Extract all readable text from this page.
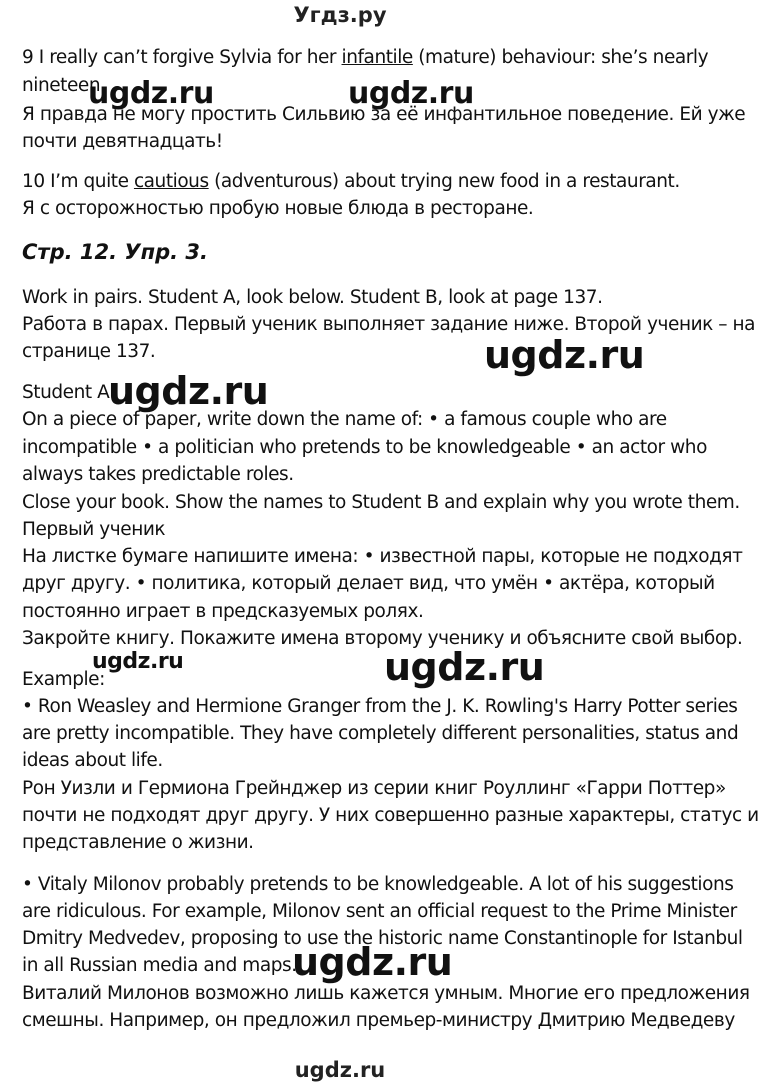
Угдз.ру
9 I really can’t forgive Sylvia for her infantile (mature) behaviour: she’s nearly
nineteen.
Я правда не могу простить Сильвию за её инфантильное поведение. Ей уже
почти девятнадцать!
10 I’m quite cautious (adventurous) about trying new food in a restaurant.
Я с осторожностью пробую новые блюда в ресторане.
Стр. 12. Упр. 3.
Work in pairs. Student A, look below. Student B, look at page 137.
Работа в парах. Первый ученик выполняет задание ниже. Второй ученик – на
странице 137.
Student A
On a piece of paper, write down the name of: • a famous couple who are
incompatible • a politician who pretends to be knowledgeable • an actor who
always takes predictable roles.
Close your book. Show the names to Student B and explain why you wrote them.
Первый ученик
На листке бумаге напишите имена: • известной пары, которые не подходят
друг другу. • политика, который делает вид, что умён • актёра, который
постоянно играет в предсказуемых ролях.
Закройте книгу. Покажите имена второму ученику и объясните свой выбор.
Example:
• Ron Weasley and Hermione Granger from the J. K. Rowling's Harry Potter series
are pretty incompatible. They have completely different personalities, status and
ideas about life.
Рон Уизли и Гермиона Грейнджер из серии книг Роуллинг «Гарри Поттер»
почти не подходят друг другу. У них совершенно разные характеры, статус и
представление о жизни.
• Vitaly Milonov probably pretends to be knowledgeable. A lot of his suggestions
are ridiculous. For example, Milonov sent an official request to the Prime Minister
Dmitry Medvedev, proposing to use the historic name Constantinople for Istanbul
in all Russian media and maps.
Виталий Милонов возможно лишь кажется умным. Многие его предложения
смешны. Например, он предложил премьер-министру Дмитрию Медведеву
ugdz.ru	ugdz.ru
ugdz.ru
ugdz.ru
ugdz.ru	ugdz.ru
ugdz.ru
ugdz.ru
